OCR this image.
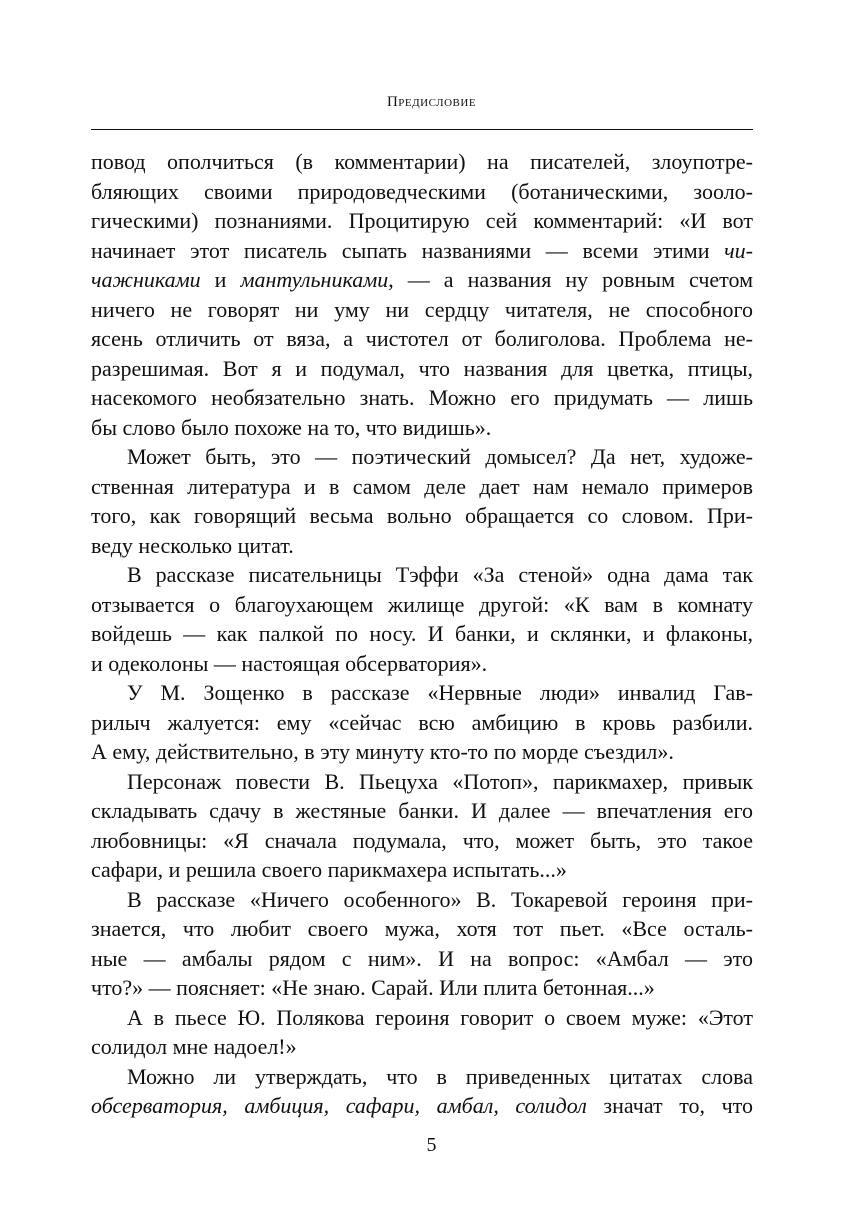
Предисловие
повод ополчиться (в комментарии) на писателей, злоупотре-
бляющих своими природоведческими (ботаническими, зооло-
гическими) познаниями. Процитирую сей комментарий: «И вот
начинает этот писатель сыпать названиями — всеми этими чи-
чажниками и мантульниками, — а названия ну ровным счетом
ничего не говорят ни уму ни сердцу читателя, не способного
ясень отличить от вяза, а чистотел от болиголова. Проблема не-
разрешимая. Вот я и подумал, что названия для цветка, птицы,
насекомого необязательно знать. Можно его придумать — лишь
бы слово было похоже на то, что видишь».
Может быть, это — поэтический домысел? Да нет, художе-
ственная литература и в самом деле дает нам немало примеров
того, как говорящий весьма вольно обращается со словом. При-
веду несколько цитат.
В рассказе писательницы Тэффи «За стеной» одна дама так
отзывается о благоухающем жилище другой: «К вам в комнату
войдешь — как палкой по носу. И банки, и склянки, и флаконы,
и одеколоны — настоящая обсерватория».
У М. Зощенко в рассказе «Нервные люди» инвалид Гав-
рилыч жалуется: ему «сейчас всю амбицию в кровь разбили.
А ему, действительно, в эту минуту кто-то по морде съездил».
Персонаж повести В. Пьецуха «Потоп», парикмахер, привык
складывать сдачу в жестяные банки. И далее — впечатления его
любовницы: «Я сначала подумала, что, может быть, это такое
сафари, и решила своего парикмахера испытать...»
В рассказе «Ничего особенного» В. Токаревой героиня при-
знается, что любит своего мужа, хотя тот пьет. «Все осталь-
ные — амбалы рядом с ним». И на вопрос: «Амбал — это
что?» — поясняет: «Не знаю. Сарай. Или плита бетонная...»
А в пьесе Ю. Полякова героиня говорит о своем муже: «Этот
солидол мне надоел!»
Можно ли утверждать, что в приведенных цитатах слова
обсерватория, амбиция, сафари, амбал, солидол значат то, что
5
